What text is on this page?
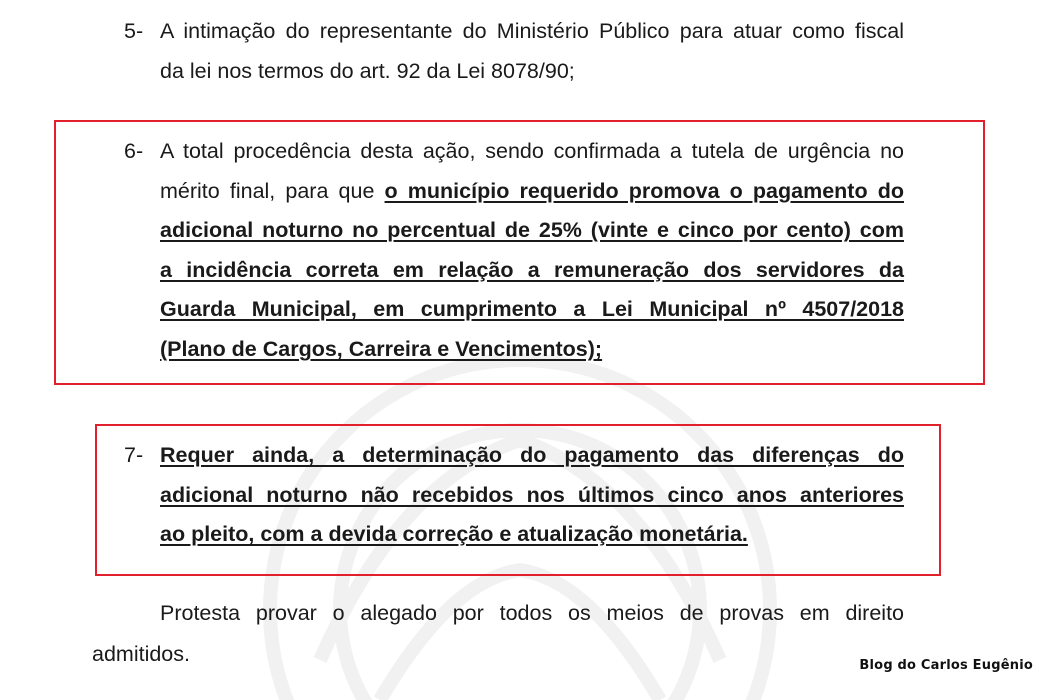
5- A intimação do representante do Ministério Público para atuar como fiscal
da lei nos termos do art. 92 da Lei 8078/90;
6- A total procedência desta ação, sendo confirmada a tutela de urgência no
mérito final, para que o município requerido promova o pagamento do
adicional noturno no percentual de 25% (vinte e cinco por cento) com
a incidência correta em relação a remuneração dos servidores da
Guarda Municipal, em cumprimento a Lei Municipal nº 4507/2018
(Plano de Cargos, Carreira e Vencimentos);
7- Requer ainda, a determinação do pagamento das diferenças do
adicional noturno não recebidos nos últimos cinco anos anteriores
ao pleito, com a devida correção e atualização monetária.
Protesta provar o alegado por todos os meios de provas em direito
admitidos.	Blog do Carlos Eugênio
